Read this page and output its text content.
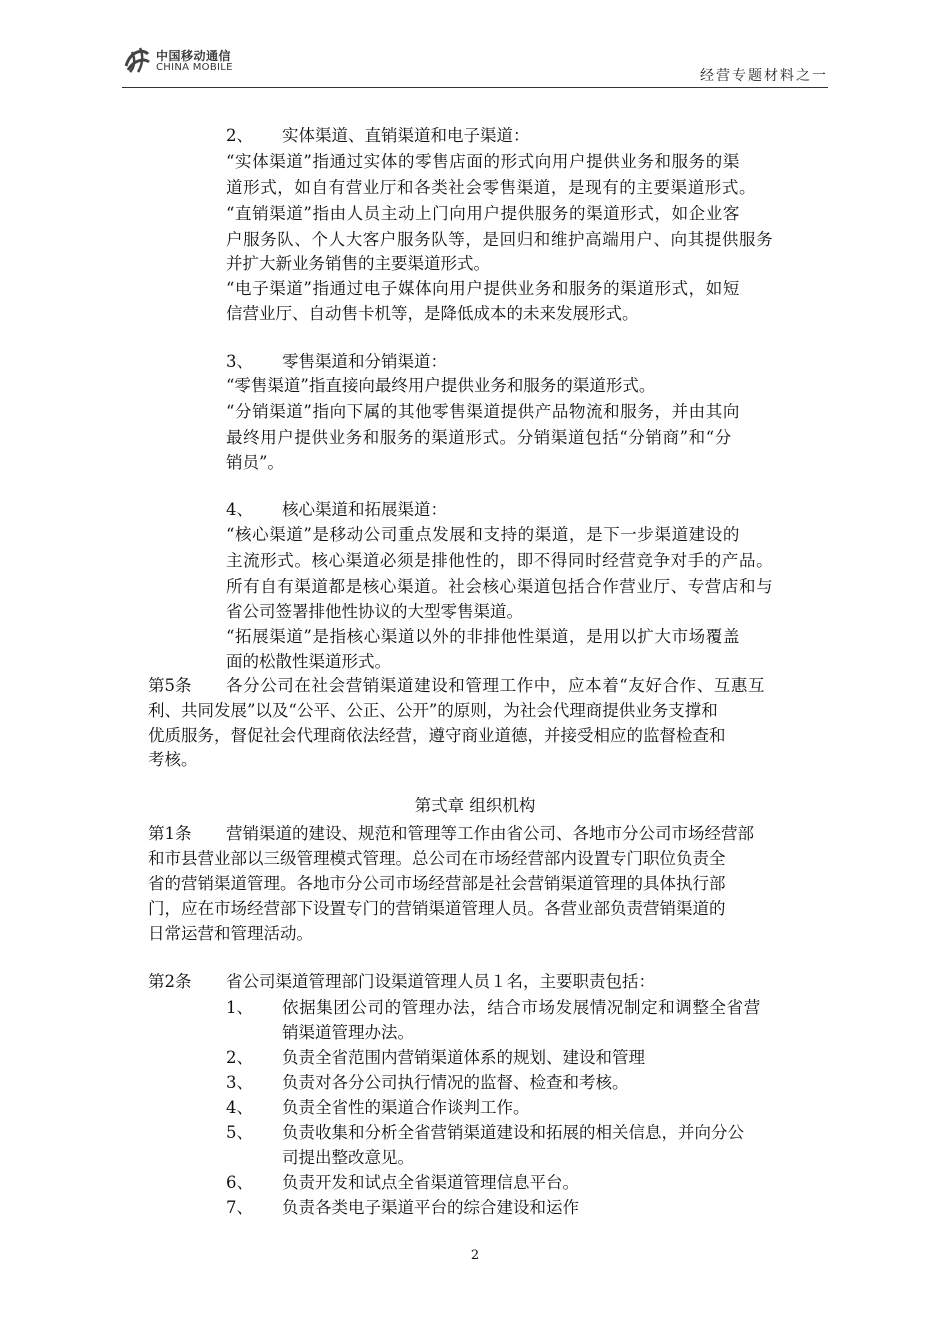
中国移动通信
CHINA MOBILE
经营专题材料之一
2、 实体渠道、直销渠道和电子渠道：
“实体渠道”指通过实体的零售店面的形式向用户提供业务和服务的渠
道形式，如自有营业厅和各类社会零售渠道，是现有的主要渠道形式。
“直销渠道”指由人员主动上门向用户提供服务的渠道形式，如企业客
户服务队、个人大客户服务队等，是回归和维护高端用户、向其提供服务
并扩大新业务销售的主要渠道形式。
“电子渠道”指通过电子媒体向用户提供业务和服务的渠道形式，如短
信营业厅、自动售卡机等，是降低成本的未来发展形式。
3、 零售渠道和分销渠道：
“零售渠道”指直接向最终用户提供业务和服务的渠道形式。
“分销渠道”指向下属的其他零售渠道提供产品物流和服务，并由其向
最终用户提供业务和服务的渠道形式。分销渠道包括“分销商”和“分
销员”。
4、 核心渠道和拓展渠道：
“核心渠道”是移动公司重点发展和支持的渠道，是下一步渠道建设的
主流形式。核心渠道必须是排他性的，即不得同时经营竞争对手的产品。
所有自有渠道都是核心渠道。社会核心渠道包括合作营业厅、专营店和与
省公司签署排他性协议的大型零售渠道。
“拓展渠道”是指核心渠道以外的非排他性渠道，是用以扩大市场覆盖
面的松散性渠道形式。
第5条 各分公司在社会营销渠道建设和管理工作中，应本着“友好合作、互惠互
利、共同发展”以及“公平、公正、公开”的原则，为社会代理商提供业务支撑和
优质服务，督促社会代理商依法经营，遵守商业道德，并接受相应的监督检查和
考核。
第弍章 组织机构
第1条 营销渠道的建设、规范和管理等工作由省公司、各地市分公司市场经营部
和市县营业部以三级管理模式管理。总公司在市场经营部内设置专门职位负责全
省的营销渠道管理。各地市分公司市场经营部是社会营销渠道管理的具体执行部
门，应在市场经营部下设置专门的营销渠道管理人员。各营业部负责营销渠道的
日常运营和管理活动。
第2条 省公司渠道管理部门设渠道管理人员１名，主要职责包括：
1、 依据集团公司的管理办法，结合市场发展情况制定和调整全省营
销渠道管理办法。
2、 负责全省范围内营销渠道体系的规划、建设和管理
3、 负责对各分公司执行情况的监督、检查和考核。
4、 负责全省性的渠道合作谈判工作。
5、 负责收集和分析全省营销渠道建设和拓展的相关信息，并向分公
司提出整改意见。
6、 负责开发和试点全省渠道管理信息平台。
7、 负责各类电子渠道平台的综合建设和运作
2
